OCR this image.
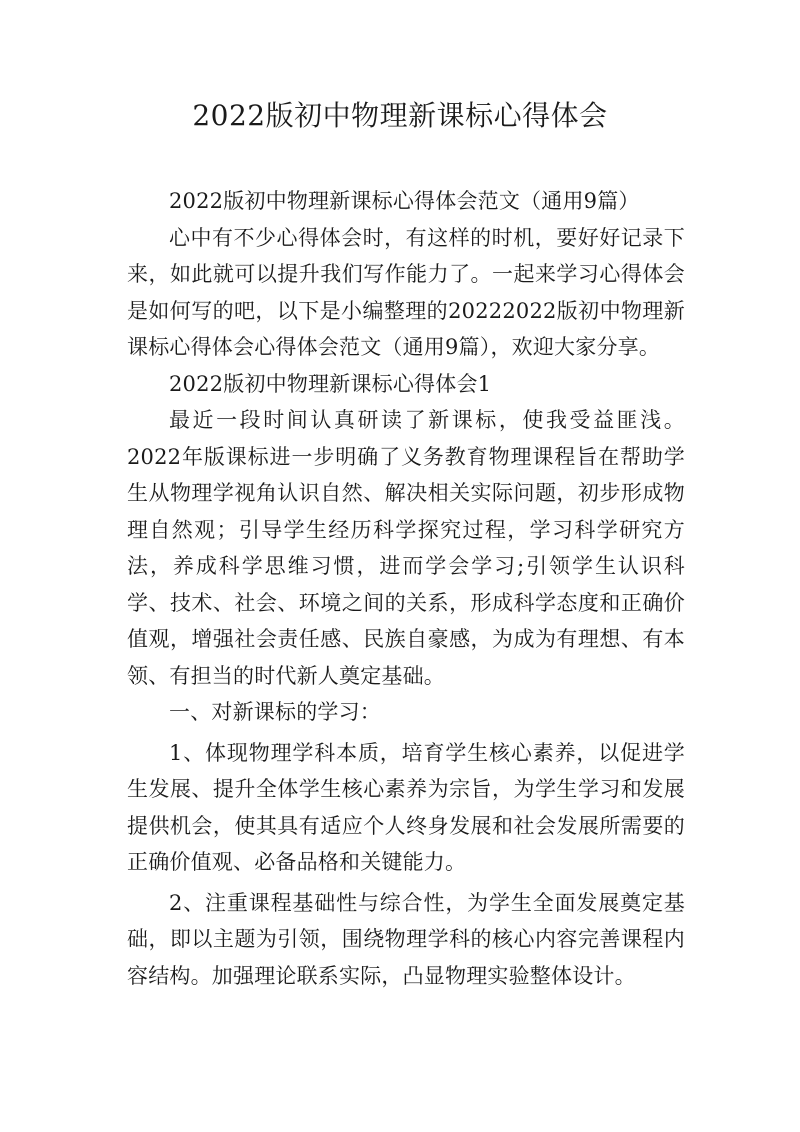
2022版初中物理新课标心得体会

2022版初中物理新课标心得体会范文（通用9篇）

心中有不少心得体会时，有这样的时机，要好好记录下来，如此就可以提升我们写作能力了。一起来学习心得体会是如何写的吧，以下是小编整理的20222022版初中物理新课标心得体会心得体会范文（通用9篇），欢迎大家分享。

2022版初中物理新课标心得体会1

最近一段时间认真研读了新课标，使我受益匪浅。2022年版课标进一步明确了义务教育物理课程旨在帮助学生从物理学视角认识自然、解决相关实际问题，初步形成物理自然观；引导学生经历科学探究过程，学习科学研究方法，养成科学思维习惯，进而学会学习;引领学生认识科学、技术、社会、环境之间的关系，形成科学态度和正确价值观，增强社会责任感、民族自豪感，为成为有理想、有本领、有担当的时代新人奠定基础。

一、对新课标的学习：

1、体现物理学科本质，培育学生核心素养，以促进学生发展、提升全体学生核心素养为宗旨，为学生学习和发展提供机会，使其具有适应个人终身发展和社会发展所需要的正确价值观、必备品格和关键能力。

2、注重课程基础性与综合性，为学生全面发展奠定基础，即以主题为引领，围绕物理学科的核心内容完善课程内容结构。加强理论联系实际，凸显物理实验整体设计。
